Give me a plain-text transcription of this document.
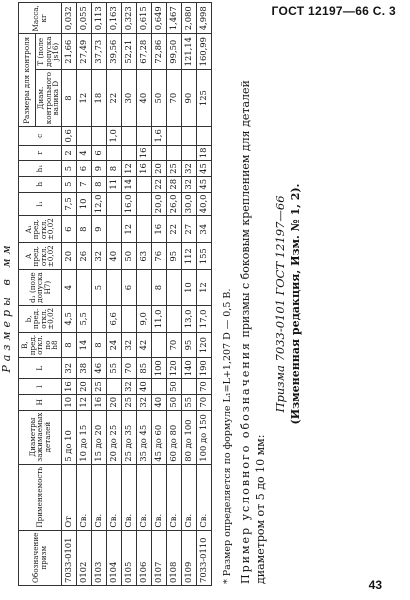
ГОСТ 12197—66 С. 3
Размеры в мм
Обозначение призм	Применяемость	Диаметры зажимаемых деталей	H	l	L	B, пред. откл. по h8	b, пред. откл. ±0,02	d₁ (поле допуска H7)	A пред. откл. ±0,02	A₁ пред. откл. ±0,02	l₁	h	h₁	r	c	Размеры для контроля		Масса, кг
																Диам. контрольного валика D	T (поле допуска js16)	
7033-0101	От	5 до 10	10	16	32	8	4,5	4	20	6	7,5	5	5	2	0,6	8	21,66	0,032
0102	Св.	10 до 15	12	20	38	14	5,5		26	8	10	7	6	4		12	27,49	0,055
0103	Св.	15 до 20	16	25	46	8		5	32	9	12,0	8	9	6		18	37,73	0,113
0104	Св.	20 до 25	20		55	24	6,6		40			11	8		1,0	22	39,56	0,163
0105	Св.	25 до 35	25	32	70	32		6	50	12	16,0	14	12			30	52,21	0,323
0106	Св.	35 до 45	32	40	85	42	9,0		63				16	16		40	67,28	0,615
0107	Св.	45 до 60	40		100		11,0	8	76	16	20,0	22	20		1,6	50	72,86	0,649
0108	Св.	60 до 80	50	50	120	70			95	22	26,0	28	25			70	99,50	1,467
0109	Св.	80 до 100	55		140	95	13,0	10	112	27	30,0	32	32			90	121,14	2,080
7033-0110	Св.	100 до 150	70	70	190	120	17,0	12	155	34	40,0	45	45	18		125	160,99	4,998

* Размер определяется по формуле L₁=L+1,207 D — 0,5 B. Пример условного обозначения призмы с боковым креплением для деталей диаметром от 5 до 10 мм:

Призма 7033-0101 ГОСТ 12197—66 (Измененная редакция, Изм. № 1, 2).

43
